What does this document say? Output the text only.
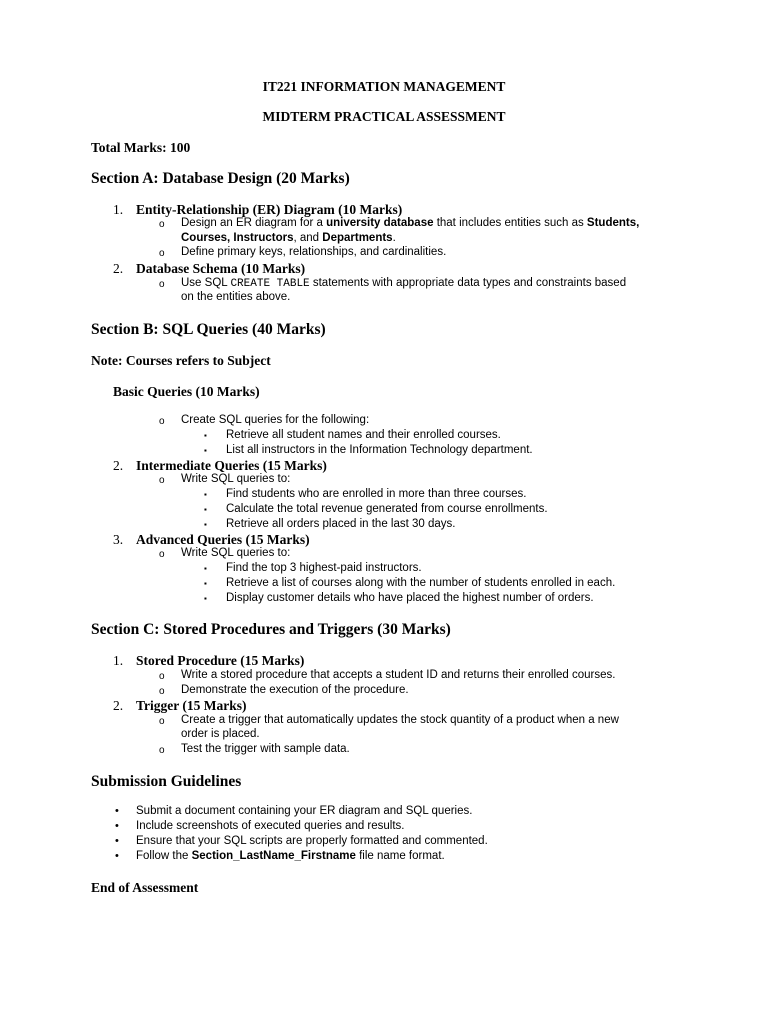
IT221 INFORMATION MANAGEMENT
MIDTERM PRACTICAL ASSESSMENT
Total Marks: 100
Section A: Database Design (20 Marks)
1. Entity-Relationship (ER) Diagram (10 Marks)
o Design an ER diagram for a university database that includes entities such as Students,
Courses, Instructors, and Departments.
o Define primary keys, relationships, and cardinalities.
2. Database Schema (10 Marks)
o Use SQL CREATE TABLE statements with appropriate data types and constraints based
on the entities above.
Section B: SQL Queries (40 Marks)
Note: Courses refers to Subject
Basic Queries (10 Marks)
o Create SQL queries for the following:
▪ Retrieve all student names and their enrolled courses.
▪ List all instructors in the Information Technology department.
2. Intermediate Queries (15 Marks)
o Write SQL queries to:
▪ Find students who are enrolled in more than three courses.
▪ Calculate the total revenue generated from course enrollments.
▪ Retrieve all orders placed in the last 30 days.
3. Advanced Queries (15 Marks)
o Write SQL queries to:
▪ Find the top 3 highest-paid instructors.
▪ Retrieve a list of courses along with the number of students enrolled in each.
▪ Display customer details who have placed the highest number of orders.
Section C: Stored Procedures and Triggers (30 Marks)
1. Stored Procedure (15 Marks)
o Write a stored procedure that accepts a student ID and returns their enrolled courses.
o Demonstrate the execution of the procedure.
2. Trigger (15 Marks)
o Create a trigger that automatically updates the stock quantity of a product when a new
order is placed.
o Test the trigger with sample data.
Submission Guidelines
• Submit a document containing your ER diagram and SQL queries.
• Include screenshots of executed queries and results.
• Ensure that your SQL scripts are properly formatted and commented.
• Follow the Section_LastName_Firstname file name format.
End of Assessment
